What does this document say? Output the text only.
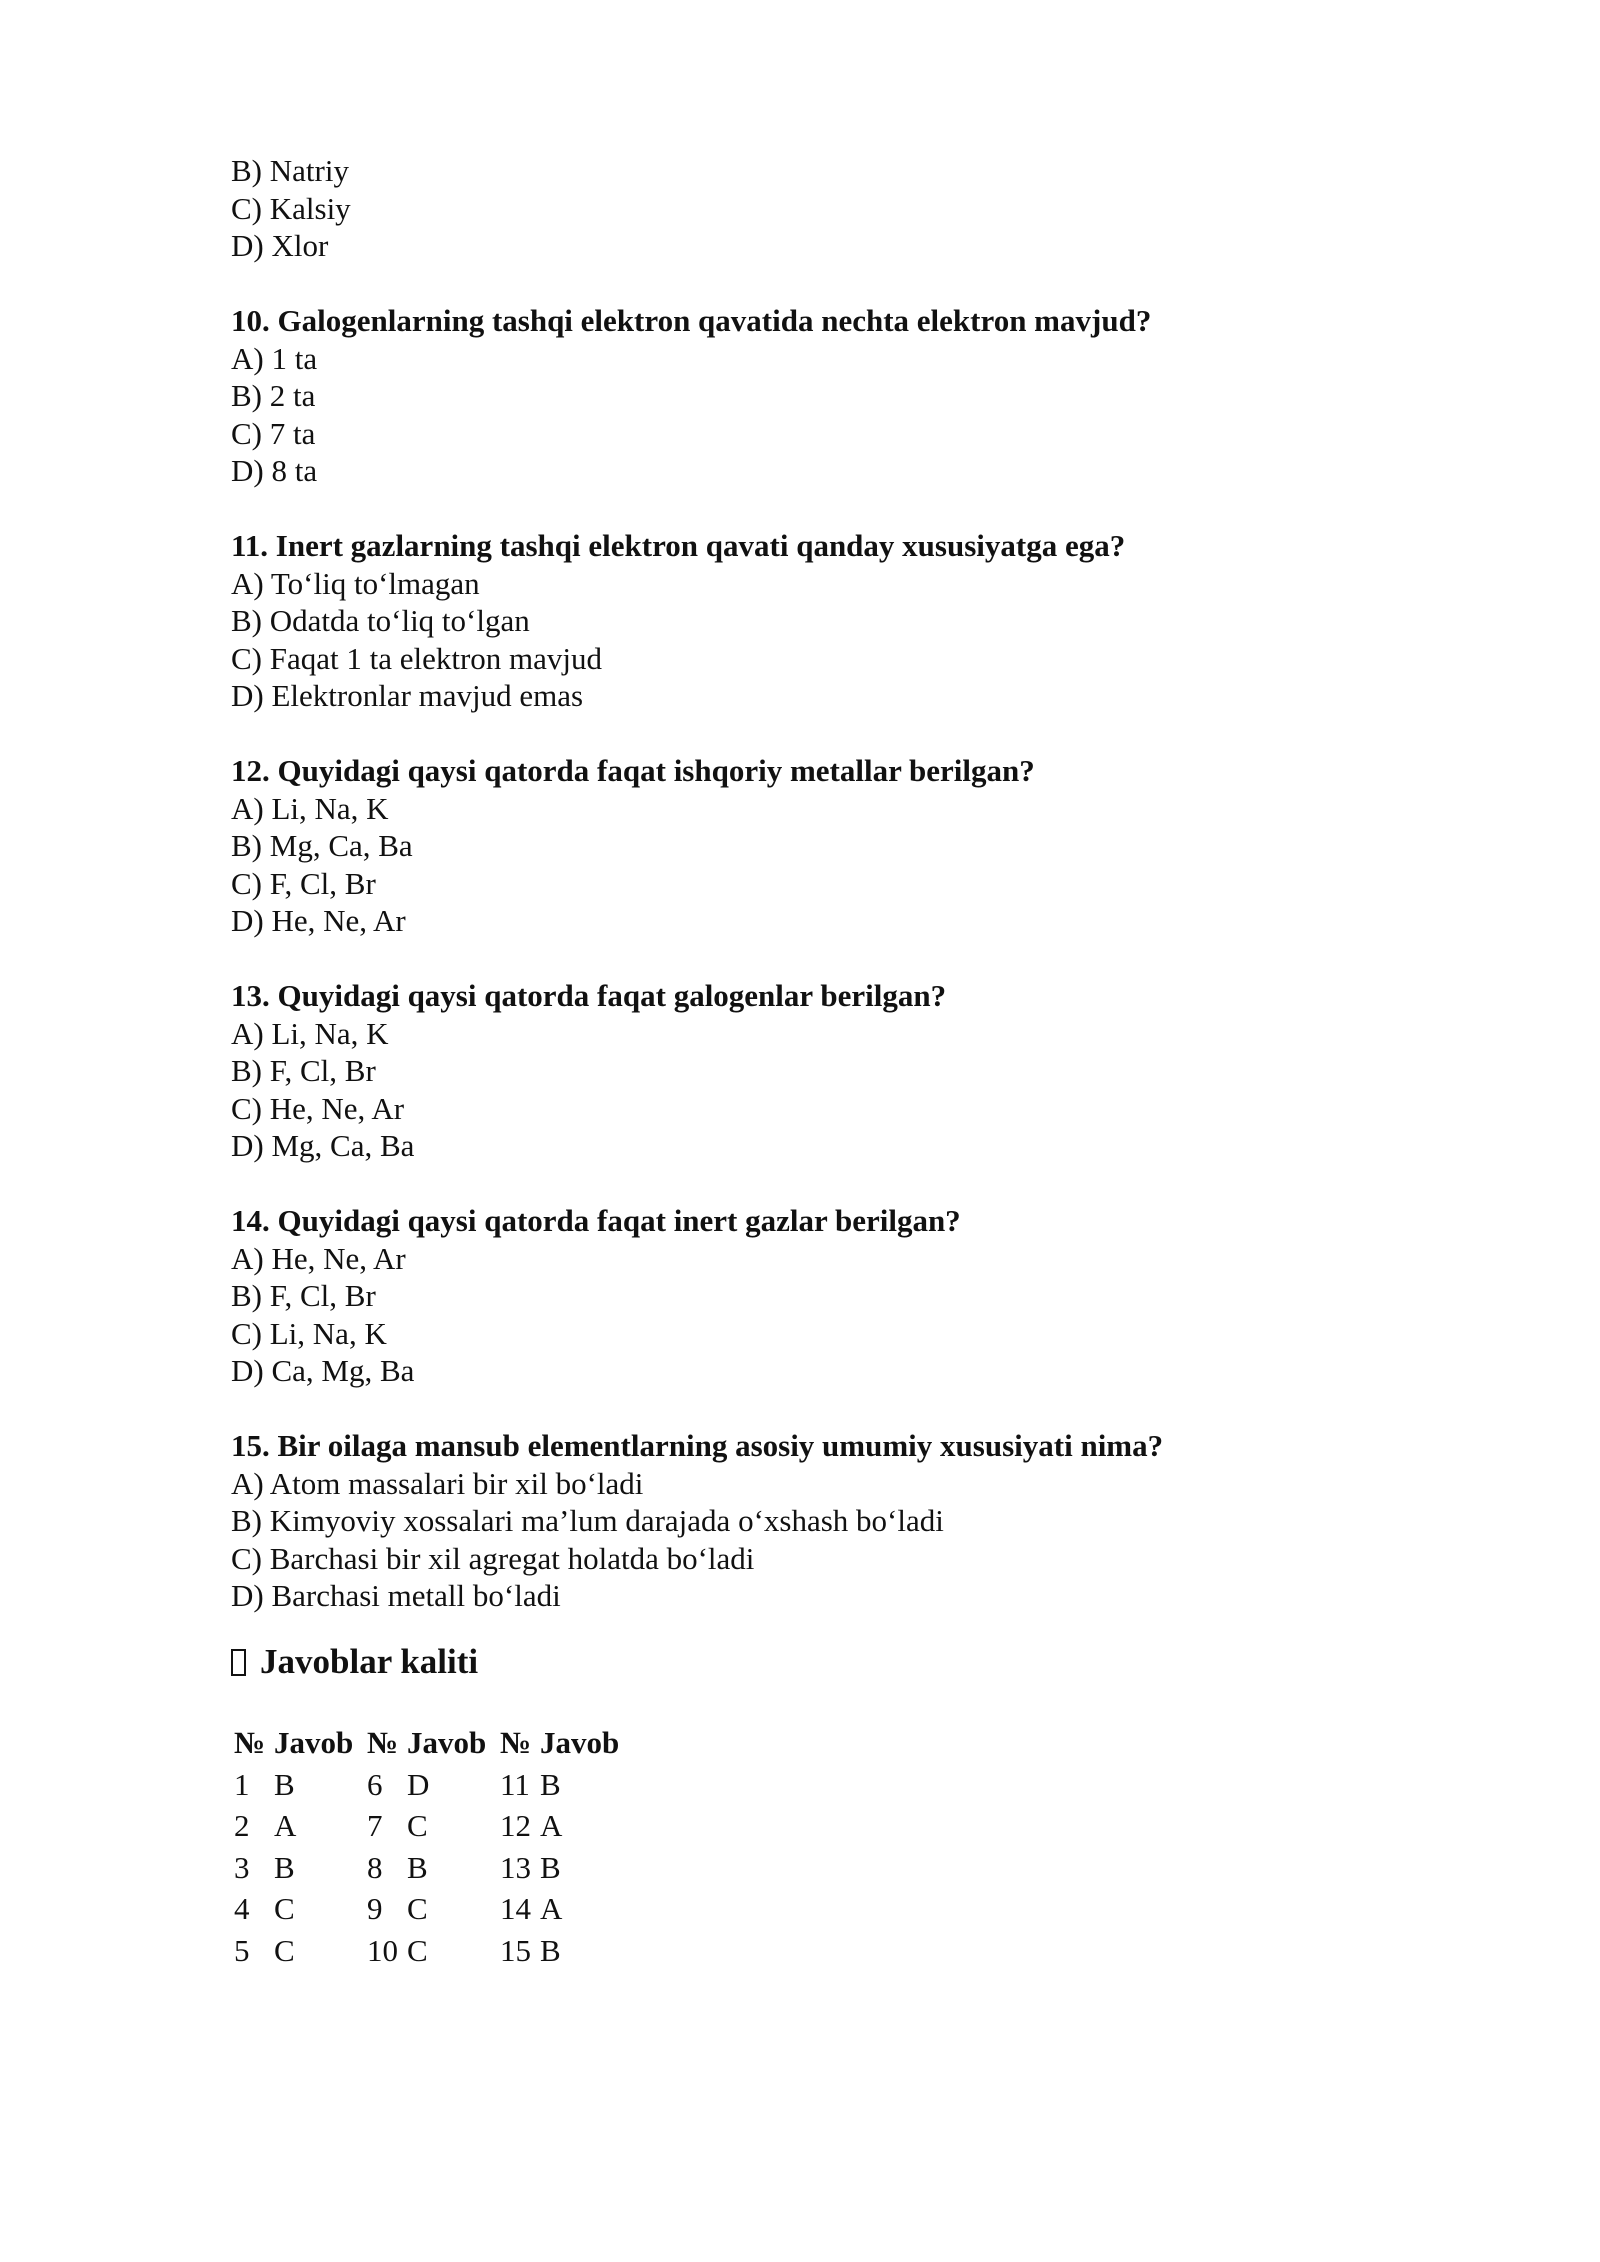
B) Natriy
C) Kalsiy
D) Xlor
10. Galogenlarning tashqi elektron qavatida nechta elektron mavjud?
A) 1 ta
B) 2 ta
C) 7 ta
D) 8 ta
11. Inert gazlarning tashqi elektron qavati qanday xususiyatga ega?
A) To‘liq to‘lmagan
B) Odatda to‘liq to‘lgan
C) Faqat 1 ta elektron mavjud
D) Elektronlar mavjud emas
12. Quyidagi qaysi qatorda faqat ishqoriy metallar berilgan?
A) Li, Na, K
B) Mg, Ca, Ba
C) F, Cl, Br
D) He, Ne, Ar
13. Quyidagi qaysi qatorda faqat galogenlar berilgan?
A) Li, Na, K
B) F, Cl, Br
C) He, Ne, Ar
D) Mg, Ca, Ba
14. Quyidagi qaysi qatorda faqat inert gazlar berilgan?
A) He, Ne, Ar
B) F, Cl, Br
C) Li, Na, K
D) Ca, Mg, Ba
15. Bir oilaga mansub elementlarning asosiy umumiy xususiyati nima?
A) Atom massalari bir xil bo‘ladi
B) Kimyoviy xossalari ma’lum darajada o‘xshash bo‘ladi
C) Barchasi bir xil agregat holatda bo‘ladi
D) Barchasi metall bo‘ladi
Javoblar kaliti
№	Javob	№	Javob	№	Javob
1	B	6	D	11	B
2	A	7	C	12	A
3	B	8	B	13	B
4	C	9	C	14	A
5	C	10	C	15	B
